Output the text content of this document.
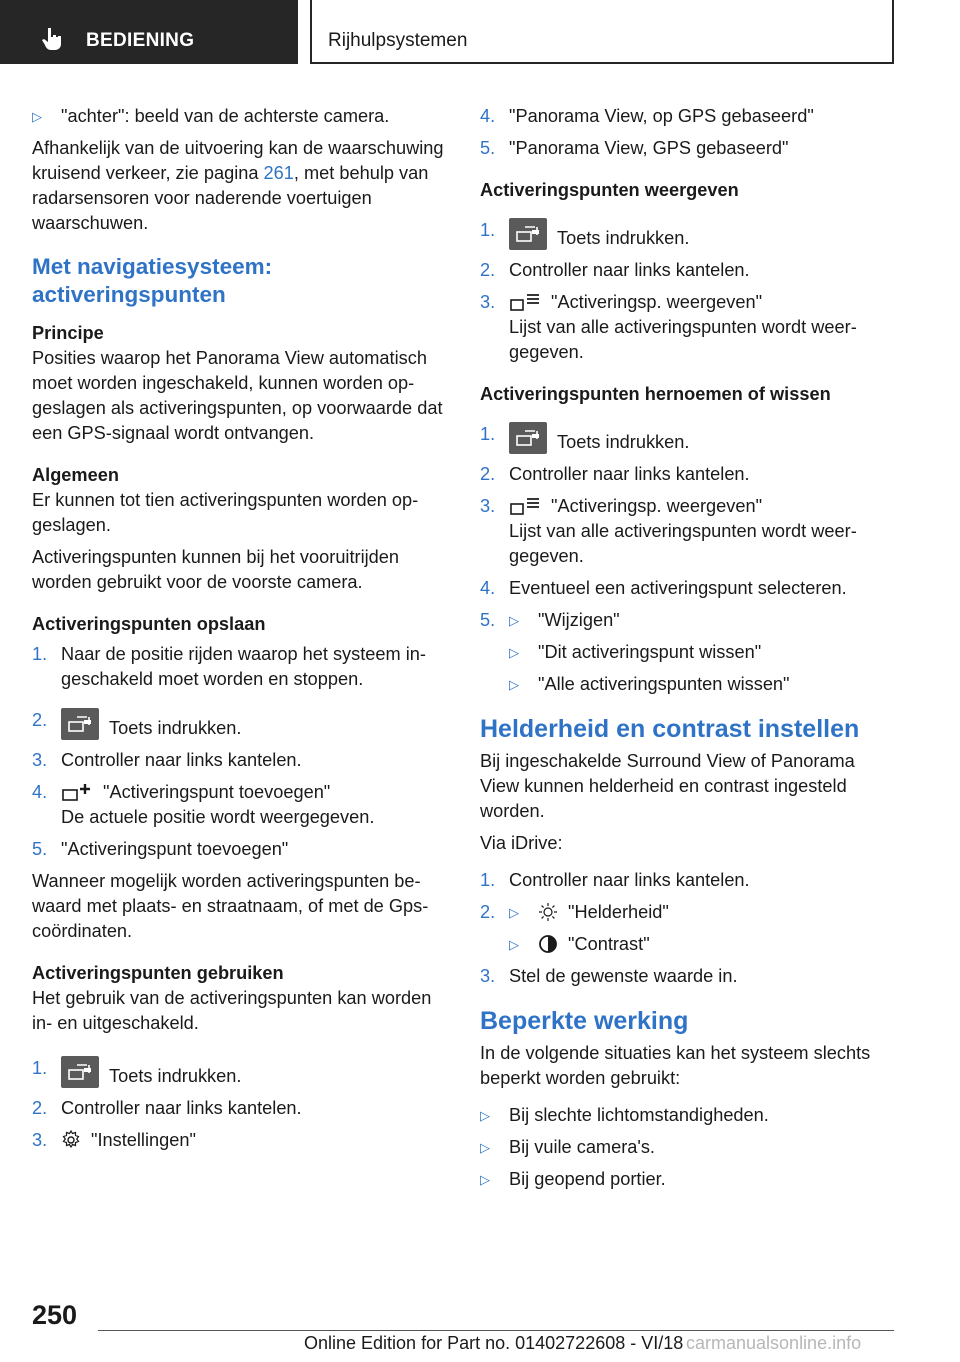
BEDIENING	Rijhulpsystemen
▷	"achter": beeld van de achterste camera.

Afhankelijk van de uitvoering kan de waarschuwing kruisend verkeer, zie pagina 261, met behulp van radarsensoren voor naderende voertuigen waarschuwen.

Met navigatiesysteem: activeringspunten
Principe

Posities waarop het Panorama View automatisch moet worden ingeschakeld, kunnen worden opgeslagen als activeringspunten, op voorwaarde dat een GPS-signaal wordt ontvangen.

Algemeen

Er kunnen tot tien activeringspunten worden opgeslagen.

Activeringspunten kunnen bij het vooruitrijden worden gebruikt voor de voorste camera.

Activeringspunten opslaan
1. Naar de positie rijden waarop het systeem ingeschakeld moet worden en stoppen.
2.	Toets indrukken.
3. Controller naar links kantelen.
4.	"Activeringspunt toevoegen"

De actuele positie wordt weergegeven.

5. "Activeringspunt toevoegen"

Wanneer mogelijk worden activeringspunten bewaard met plaats- en straatnaam, of met de Gps-coördinaten.

Activeringspunten gebruiken

Het gebruik van de activeringspunten kan worden in- en uitgeschakeld.

1.	Toets indrukken.
2. Controller naar links kantelen.
3.	"Instellingen"
4. "Panorama View, op GPS gebaseerd"
5. "Panorama View, GPS gebaseerd"
Activeringspunten weergeven
1.	Toets indrukken.
2. Controller naar links kantelen.
3.	"Activeringsp. weergeven"

Lijst van alle activeringspunten wordt weergegeven.

Activeringspunten hernoemen of wissen
1.	Toets indrukken.
2. Controller naar links kantelen.
3.	"Activeringsp. weergeven"

Lijst van alle activeringspunten wordt weergegeven.

4. Eventueel een activeringspunt selecteren.
5.	▷	"Wijzigen"
▷	"Dit activeringspunt wissen"
▷	"Alle activeringspunten wissen"
Helderheid en contrast instellen

Bij ingeschakelde Surround View of Panorama View kunnen helderheid en contrast ingesteld worden.

Via iDrive:

1. Controller naar links kantelen.
2.	▷	"Helderheid"
▷	"Contrast"
3. Stel de gewenste waarde in.
Beperkte werking

In de volgende situaties kan het systeem slechts beperkt worden gebruikt:

▷	Bij slechte lichtomstandigheden.
▷	Bij vuile camera's.
▷	Bij geopend portier.
250
Online Edition for Part no. 01402722608 - VI/18 carmanualsonline.info
